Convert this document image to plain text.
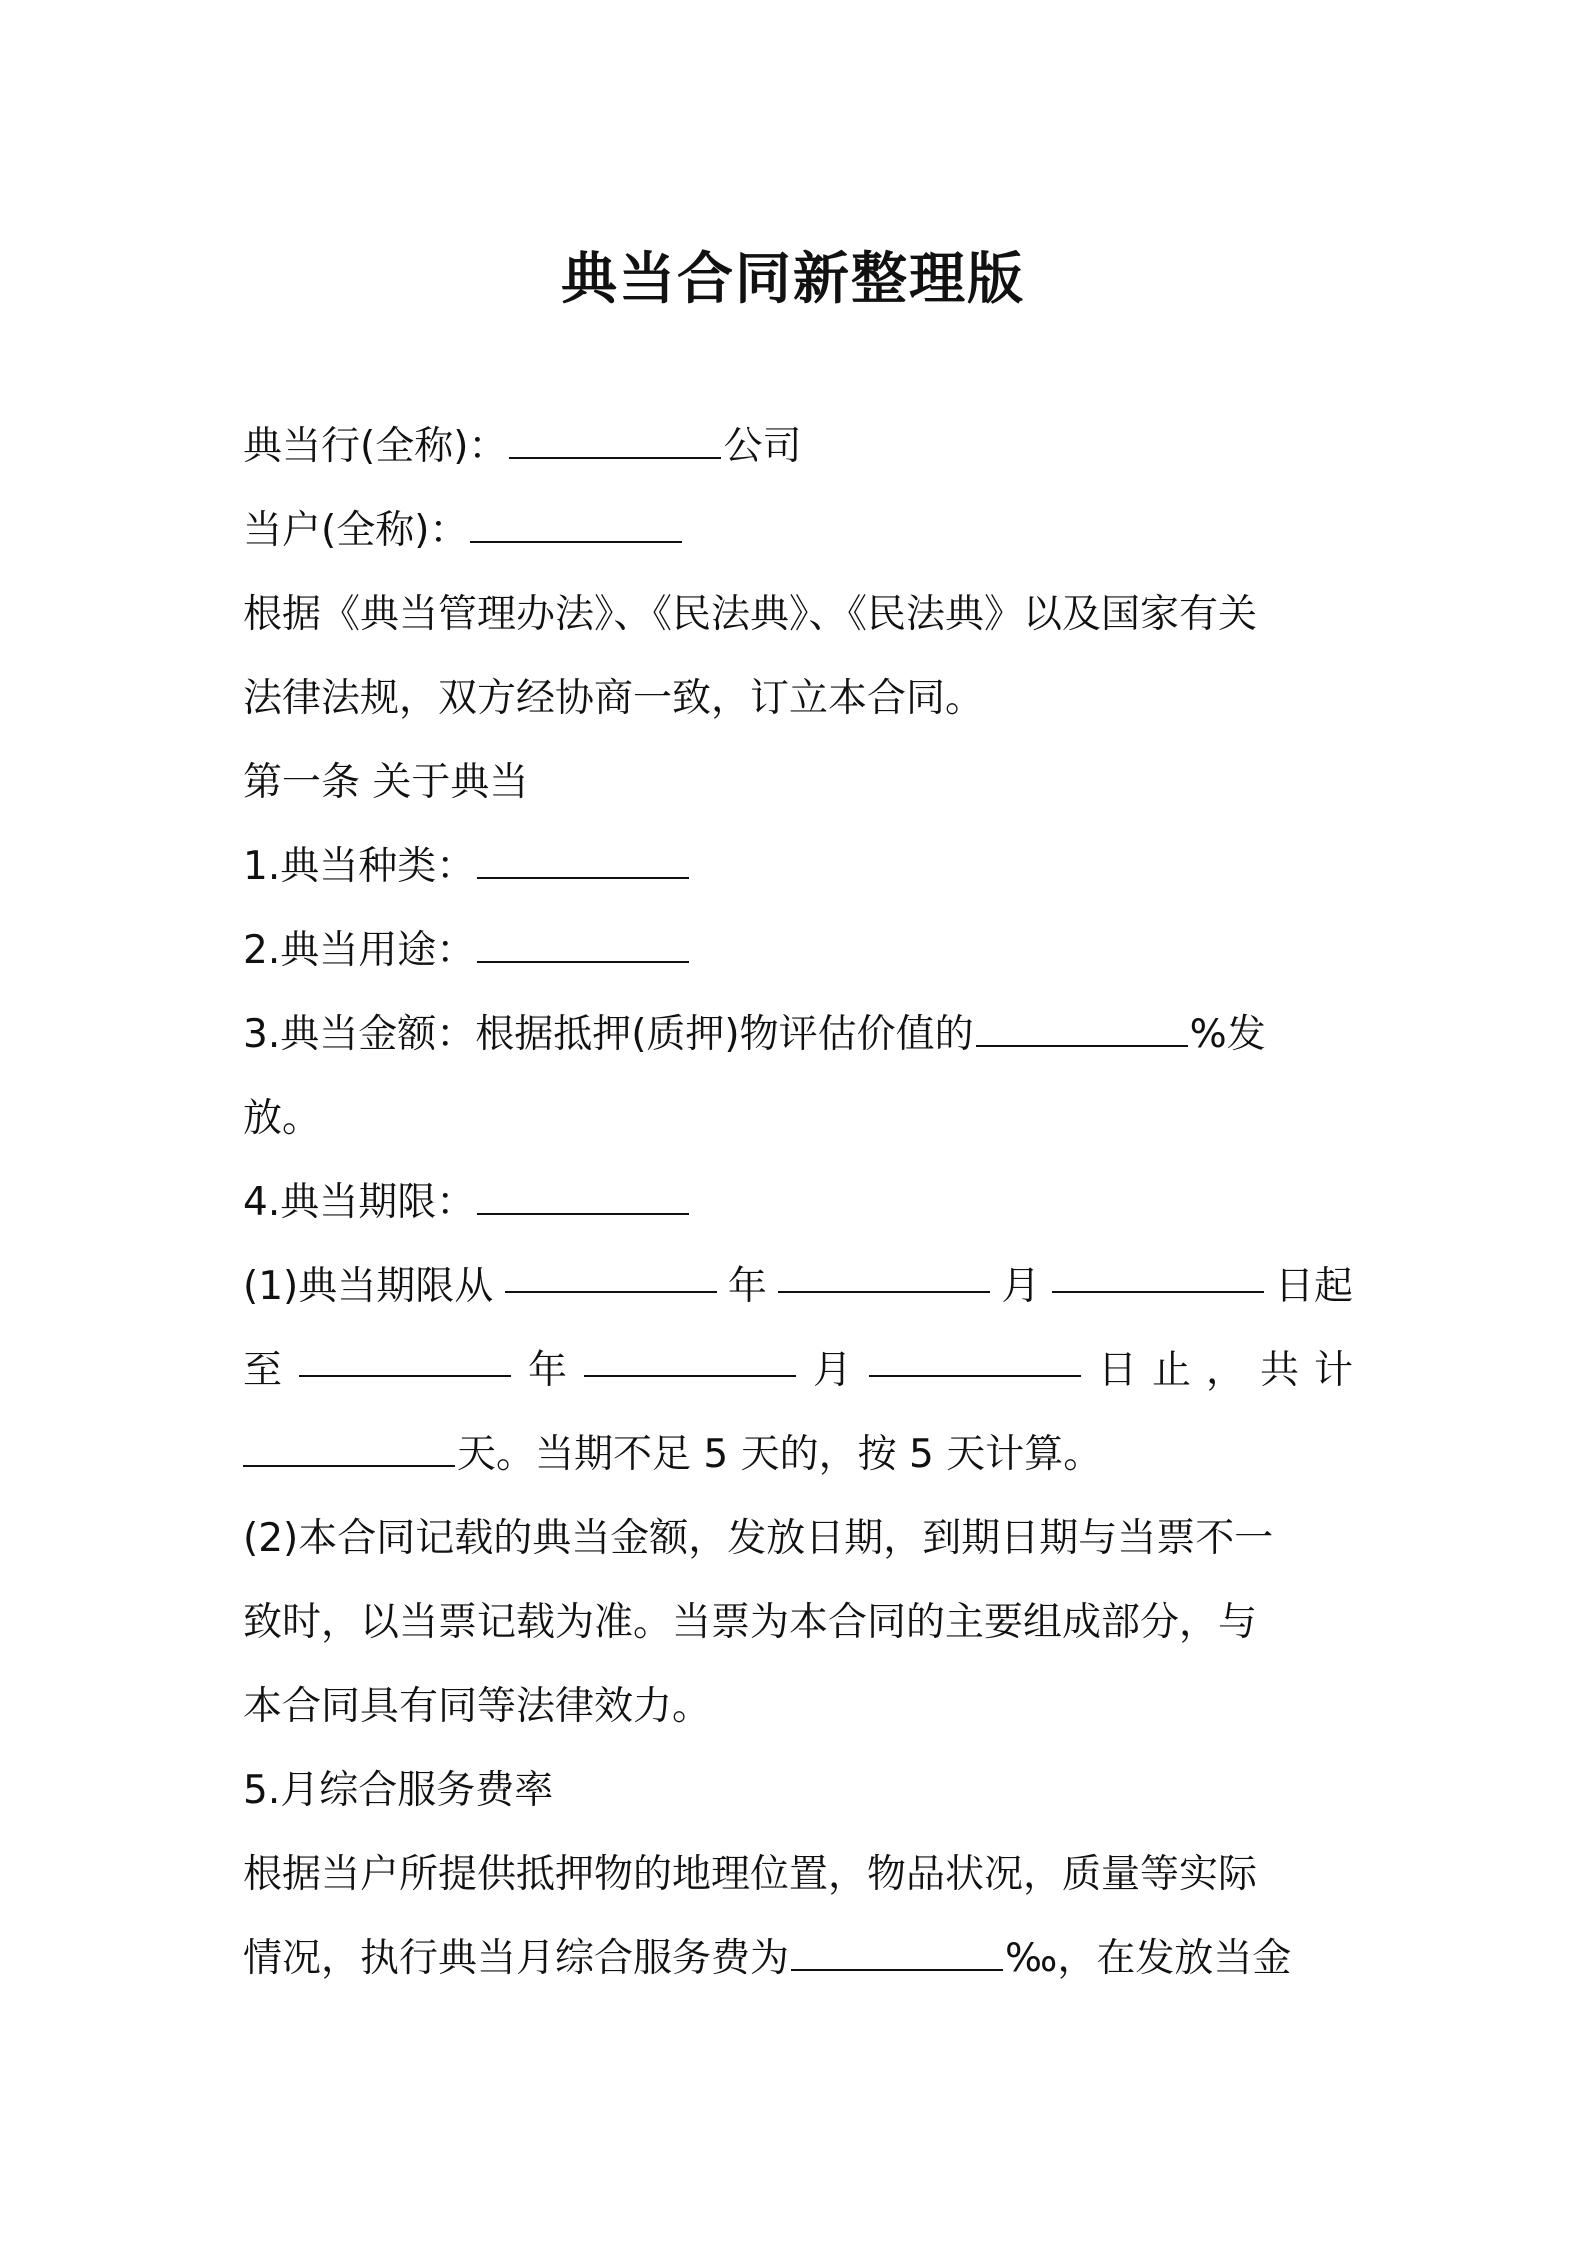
典当合同新整理版
典当行(全称)：	公司
当户(全称)：
根据《典当管理办法》、《民法典》、《民法典》以及国家有关
法律法规，双方经协商一致，订立本合同。
第一条 关于典当
1.典当种类：
2.典当用途：
3.典当金额：根据抵押(质押)物评估价值的	%发
放。
4.典当期限：
(1)典当期限从	年	月	日起
至	年	月	日 止 ， 共 计
天。当期不足 5 天的，按 5 天计算。
(2)本合同记载的典当金额，发放日期，到期日期与当票不一
致时，以当票记载为准。当票为本合同的主要组成部分，与
本合同具有同等法律效力。
5.月综合服务费率
根据当户所提供抵押物的地理位置，物品状况，质量等实际
情况，执行典当月综合服务费为	‰，在发放当金
